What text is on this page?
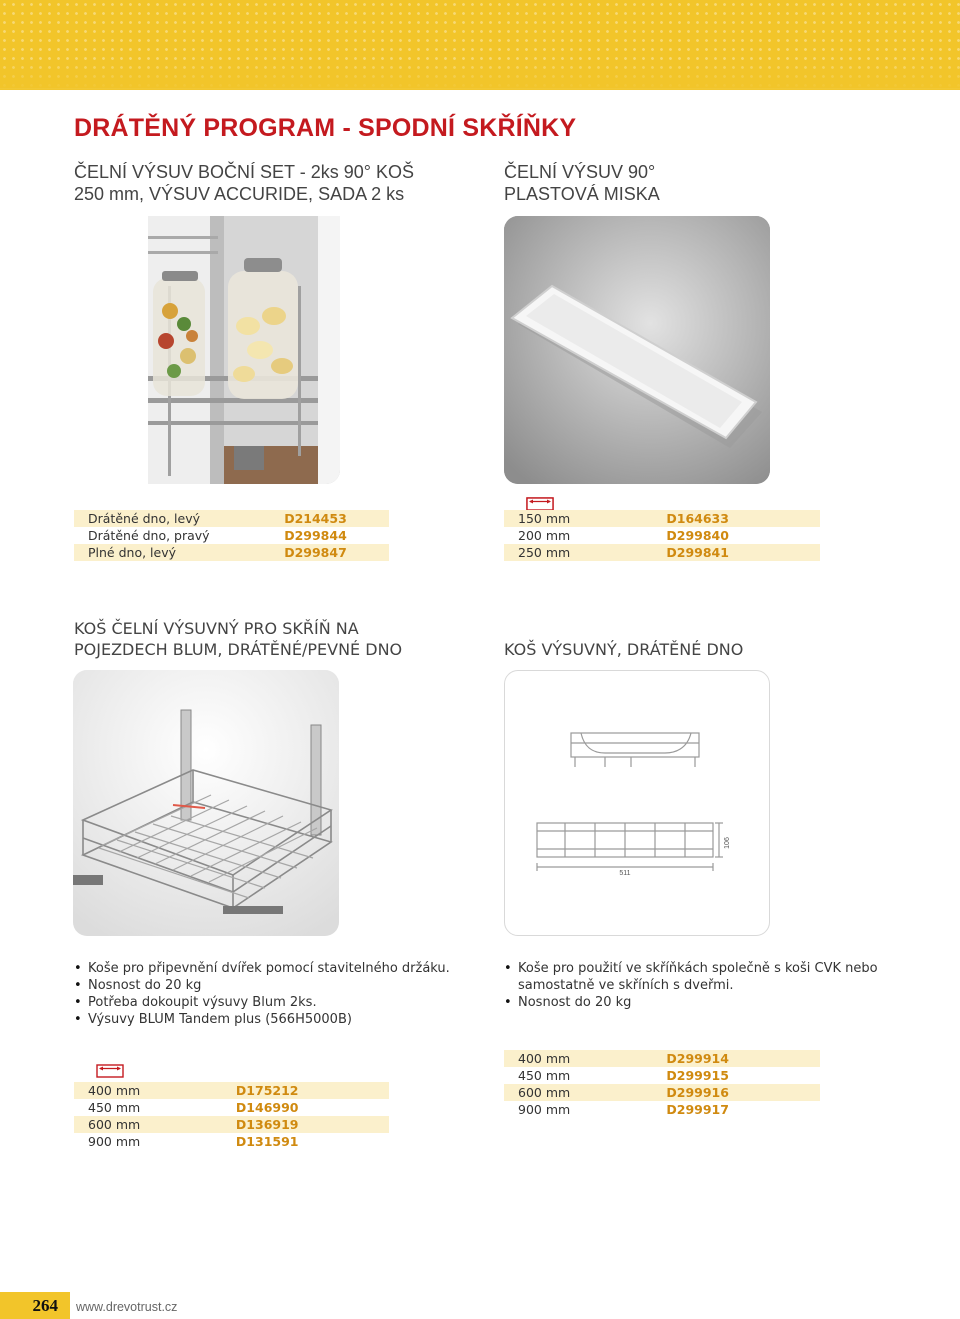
DRÁTĚNÝ PROGRAM - SPODNÍ SKŘÍŇKY
ČELNÍ VÝSUV BOČNÍ SET - 2ks 90° KOŠ
250 mm, VÝSUV ACCURIDE, SADA 2 ks
Drátěné dno, levý	D214453
Drátěné dno, pravý	D299844
Plné dno, levý	D299847
ČELNÍ VÝSUV 90°
PLASTOVÁ MISKA
150 mm	D164633
200 mm	D299840
250 mm	D299841
KOŠ ČELNÍ VÝSUVNÝ PRO SKŘÍŇ NA
POJEZDECH BLUM, DRÁTĚNÉ/PEVNÉ DNO
• Koše pro připevnění dvířek pomocí stavitelného držáku.
• Nosnost do 20 kg
• Potřeba dokoupit výsuvy Blum 2ks.
• Výsuvy BLUM Tandem plus (566H5000B)
400 mm	D175212
450 mm	D146990
600 mm	D136919
900 mm	D131591
KOŠ VÝSUVNÝ, DRÁTĚNÉ DNO
511
106
• Koše pro použití ve skříňkách společně s koši CVK nebo samostatně ve skříních s dveřmi.
• Nosnost do 20 kg
400 mm	D299914
450 mm	D299915
600 mm	D299916
900 mm	D299917
264	www.drevotrust.cz
